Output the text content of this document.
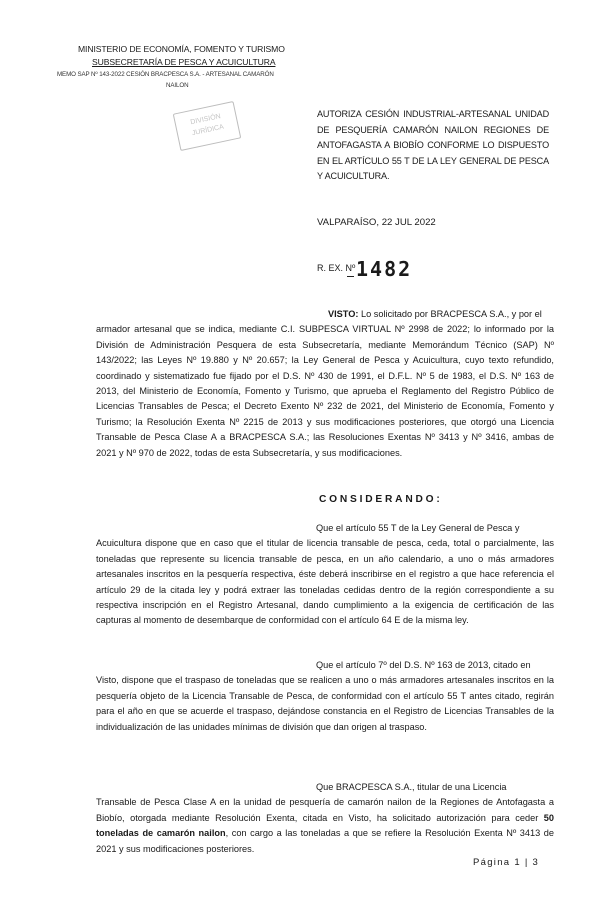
MINISTERIO DE ECONOMÍA, FOMENTO Y TURISMO
SUBSECRETARÍA DE PESCA Y ACUICULTURA
MEMO SAP Nº 143-2022 CESIÓN BRACPESCA S.A. - ARTESANAL CAMARÓN
NAILON
DIVISIÓN
JURÍDICA
AUTORIZA CESIÓN INDUSTRIAL-ARTESANAL UNIDAD DE PESQUERÍA CAMARÓN NAILON REGIONES DE ANTOFAGASTA A BIOBÍO CONFORME LO DISPUESTO EN EL ARTÍCULO 55 T DE LA LEY GENERAL DE PESCA Y ACUICULTURA.
VALPARAÍSO, 22 JUL 2022
R. EX. Nº 1482
VISTO: Lo solicitado por BRACPESCA S.A., y por el
armador artesanal que se indica, mediante C.I. SUBPESCA VIRTUAL Nº 2998 de 2022; lo informado por la División de Administración Pesquera de esta Subsecretaría, mediante Memorándum Técnico (SAP) Nº 143/2022; las Leyes Nº 19.880 y Nº 20.657; la Ley General de Pesca y Acuicultura, cuyo texto refundido, coordinado y sistematizado fue fijado por el D.S. Nº 430 de 1991, el D.F.L. Nº 5 de 1983, el D.S. Nº 163 de 2013, del Ministerio de Economía, Fomento y Turismo, que aprueba el Reglamento del Registro Público de Licencias Transables de Pesca; el Decreto Exento Nº 232 de 2021, del Ministerio de Economía, Fomento y Turismo; la Resolución Exenta Nº 2215 de 2013 y sus modificaciones posteriores, que otorgó una Licencia Transable de Pesca Clase A a BRACPESCA S.A.; las Resoluciones Exentas Nº 3413 y Nº 3416, ambas de 2021 y Nº 970 de 2022, todas de esta Subsecretaría, y sus modificaciones.
CONSIDERANDO:
Que el artículo 55 T de la Ley General de Pesca y
Acuicultura dispone que en caso que el titular de licencia transable de pesca, ceda, total o parcialmente, las toneladas que represente su licencia transable de pesca, en un año calendario, a uno o más armadores artesanales inscritos en la pesquería respectiva, éste deberá inscribirse en el registro a que hace referencia el artículo 29 de la citada ley y podrá extraer las toneladas cedidas dentro de la región correspondiente a su respectiva inscripción en el Registro Artesanal, dando cumplimiento a la exigencia de certificación de las capturas al momento de desembarque de conformidad con el artículo 64 E de la misma ley.
Que el artículo 7º del D.S. Nº 163 de 2013, citado en
Visto, dispone que el traspaso de toneladas que se realicen a uno o más armadores artesanales inscritos en la pesquería objeto de la Licencia Transable de Pesca, de conformidad con el artículo 55 T antes citado, regirán para el año en que se acuerde el traspaso, dejándose constancia en el Registro de Licencias Transables de la individualización de las unidades mínimas de división que dan origen al traspaso.
Que BRACPESCA S.A., titular de una Licencia
Transable de Pesca Clase A en la unidad de pesquería de camarón nailon de la Regiones de Antofagasta a Biobío, otorgada mediante Resolución Exenta, citada en Visto, ha solicitado autorización para ceder 50 toneladas de camarón nailon, con cargo a las toneladas a que se refiere la Resolución Exenta Nº 3413 de 2021 y sus modificaciones posteriores.
Página 1 | 3
